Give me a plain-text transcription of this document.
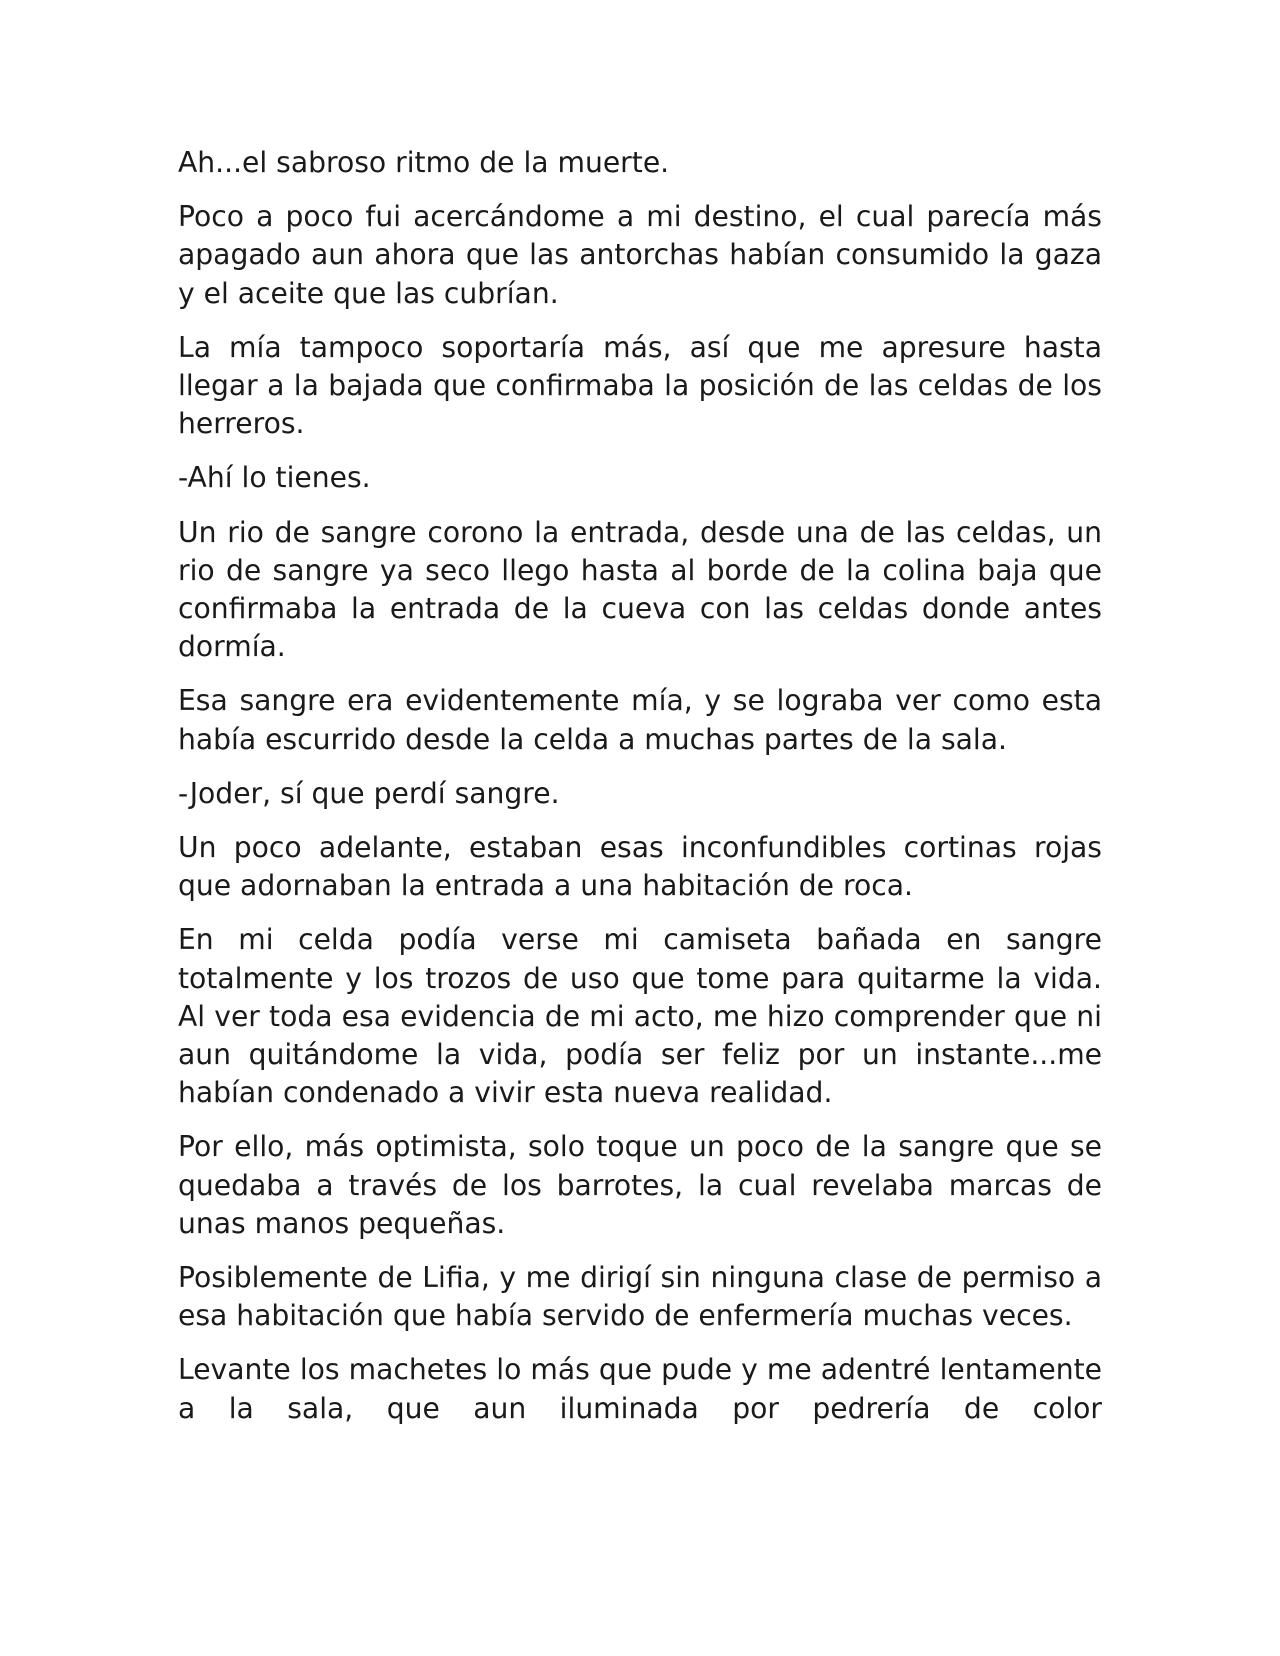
Ah...el sabroso ritmo de la muerte.

Poco a poco fui acercándome a mi destino, el cual parecía más apagado aun ahora que las antorchas habían consumido la gaza y el aceite que las cubrían.

La mía tampoco soportaría más, así que me apresure hasta llegar a la bajada que confirmaba la posición de las celdas de los herreros.

-Ahí lo tienes.

Un rio de sangre corono la entrada, desde una de las celdas, un rio de sangre ya seco llego hasta al borde de la colina baja que confirmaba la entrada de la cueva con las celdas donde antes dormía.

Esa sangre era evidentemente mía, y se lograba ver como esta había escurrido desde la celda a muchas partes de la sala.

-Joder, sí que perdí sangre.

Un poco adelante, estaban esas inconfundibles cortinas rojas que adornaban la entrada a una habitación de roca.

En mi celda podía verse mi camiseta bañada en sangre totalmente y los trozos de uso que tome para quitarme la vida. Al ver toda esa evidencia de mi acto, me hizo comprender que ni aun quitándome la vida, podía ser feliz por un instante...me habían condenado a vivir esta nueva realidad.

Por ello, más optimista, solo toque un poco de la sangre que se quedaba a través de los barrotes, la cual revelaba marcas de unas manos pequeñas.

Posiblemente de Lifia, y me dirigí sin ninguna clase de permiso a esa habitación que había servido de enfermería muchas veces.

Levante los machetes lo más que pude y me adentré lentamente a la sala, que aun iluminada por pedrería de color
